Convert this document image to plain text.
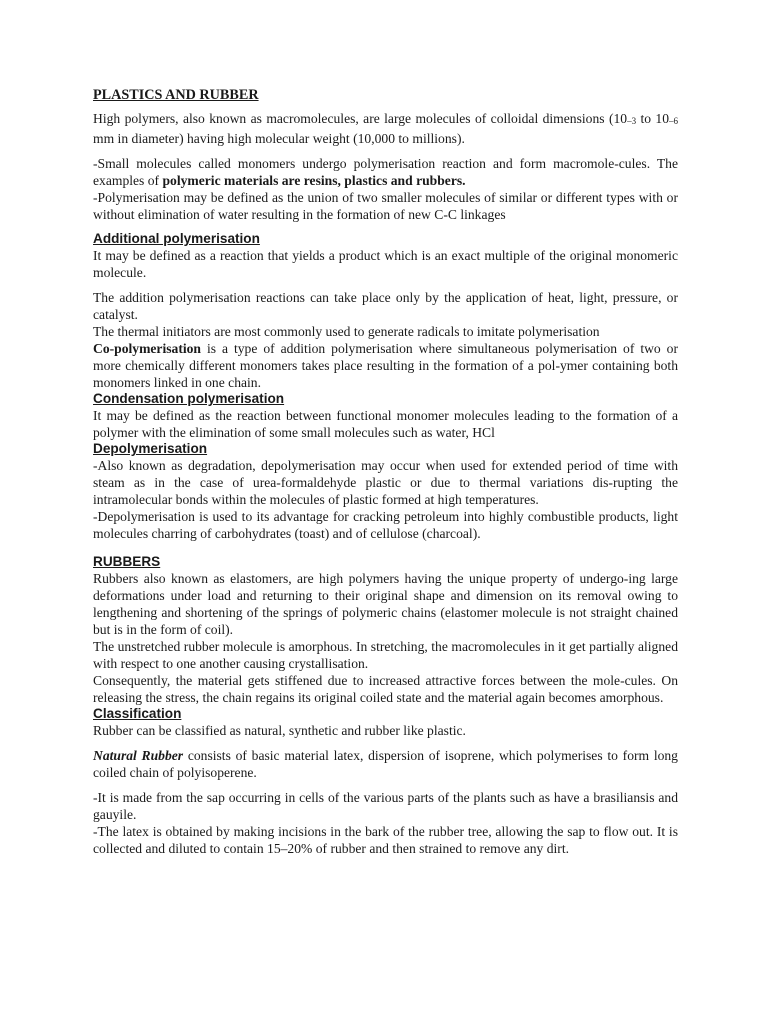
PLASTICS AND RUBBER

High polymers, also known as macromolecules, are large molecules of colloidal dimensions (10–3 to 10–6 mm in diameter) having high molecular weight (10,000 to millions).

-Small molecules called monomers undergo polymerisation reaction and form macromole-cules. The examples of polymeric materials are resins, plastics and rubbers.

-Polymerisation may be defined as the union of two smaller molecules of similar or different types with or without elimination of water resulting in the formation of new C-C linkages

Additional polymerisation

It may be defined as a reaction that yields a product which is an exact multiple of the original monomeric molecule.

The addition polymerisation reactions can take place only by the application of heat, light, pressure, or catalyst.

The thermal initiators are most commonly used to generate radicals to imitate polymerisation

Co-polymerisation is a type of addition polymerisation where simultaneous polymerisation of two or more chemically different monomers takes place resulting in the formation of a pol-ymer containing both monomers linked in one chain.

Condensation polymerisation

It may be defined as the reaction between functional monomer molecules leading to the formation of a polymer with the elimination of some small molecules such as water, HCl

Depolymerisation

-Also known as degradation, depolymerisation may occur when used for extended period of time with steam as in the case of urea-formaldehyde plastic or due to thermal variations dis-rupting the intramolecular bonds within the molecules of plastic formed at high temperatures.

-Depolymerisation is used to its advantage for cracking petroleum into highly combustible products, light molecules charring of carbohydrates (toast) and of cellulose (charcoal).

RUBBERS

Rubbers also known as elastomers, are high polymers having the unique property of undergo-ing large deformations under load and returning to their original shape and dimension on its removal owing to lengthening and shortening of the springs of polymeric chains (elastomer molecule is not straight chained but is in the form of coil).

The unstretched rubber molecule is amorphous. In stretching, the macromolecules in it get partially aligned with respect to one another causing crystallisation.

Consequently, the material gets stiffened due to increased attractive forces between the mole-cules. On releasing the stress, the chain regains its original coiled state and the material again becomes amorphous.

Classification

Rubber can be classified as natural, synthetic and rubber like plastic.

Natural Rubber consists of basic material latex, dispersion of isoprene, which polymerises to form long coiled chain of polyisoperene.

-It is made from the sap occurring in cells of the various parts of the plants such as have a brasiliansis and gauyile.

-The latex is obtained by making incisions in the bark of the rubber tree, allowing the sap to flow out. It is collected and diluted to contain 15–20% of rubber and then strained to remove any dirt.
